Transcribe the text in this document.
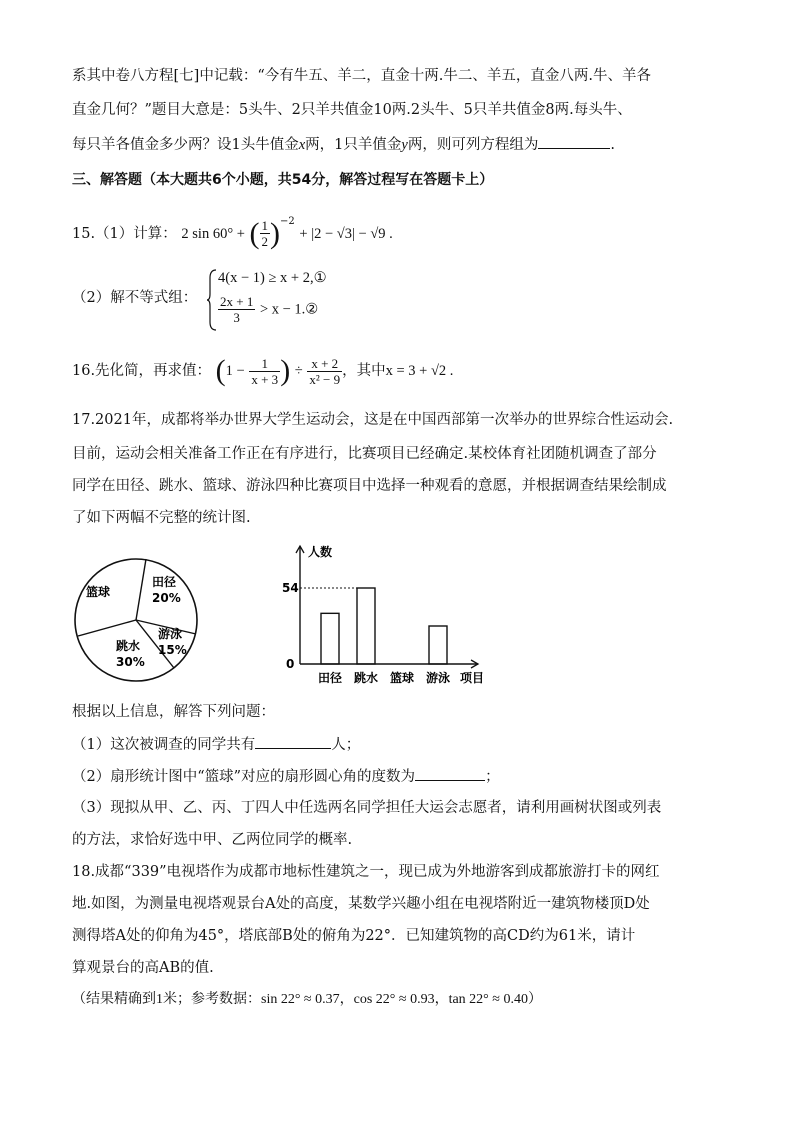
系其中卷八方程[七]中记载：“今有牛五、羊二，直金十两.牛二、羊五，直金八两.牛、羊各
直金几何？”题目大意是：5头牛、2只羊共值金10两.2头牛、5只羊共值金8两.每头牛、
每只羊各值金多少两？设1头牛值金x两，1只羊值金y两，则可列方程组为	.
三、解答题（本大题共6个小题，共54分，解答过程写在答题卡上）
15.（1）计算： 2 sin 60° + ( $\frac{1}{2} )^{-2} + |2 - √3| - √9$ .
（2）解不等式组：
4(x − 1) ≥ x + 2,①
$\frac{2x + 1}{3} > x$ − 1.②
16.先化简，再求值： ($1 - \frac{1}{x + 3}$ ) ÷ $\frac{x + 2}{\text{x² − 9}}$ ，其中x = 3 + √2 .
17.2021年，成都将举办世界大学生运动会，这是在中国西部第一次举办的世界综合性运动会.
目前，运动会相关准备工作正在有序进行，比赛项目已经确定.某校体育社团随机调查了部分
同学在田径、跳水、篮球、游泳四种比赛项目中选择一种观看的意愿，并根据调查结果绘制成
了如下两幅不完整的统计图.
篮球
田径
20%
游泳
15%
跳水
30%
54
0
人数
项目
田径 跳水 篮球 游泳
根据以上信息，解答下列问题：
（1）这次被调查的同学共有	人；
（2）扇形统计图中“篮球”对应的扇形圆心角的度数为	；
（3）现拟从甲、乙、丙、丁四人中任选两名同学担任大运会志愿者，请利用画树状图或列表
的方法，求恰好选中甲、乙两位同学的概率.
18.成都“339”电视塔作为成都市地标性建筑之一，现已成为外地游客到成都旅游打卡的网红
地.如图，为测量电视塔观景台A处的高度，某数学兴趣小组在电视塔附近一建筑物楼顶D处
测得塔A处的仰角为45°，塔底部B处的俯角为22°．已知建筑物的高CD约为61米，请计
算观景台的高AB的值.
（结果精确到1米；参考数据：sin 22° ≈ 0.37，cos 22° ≈ 0.93，tan 22° ≈ 0.40）
